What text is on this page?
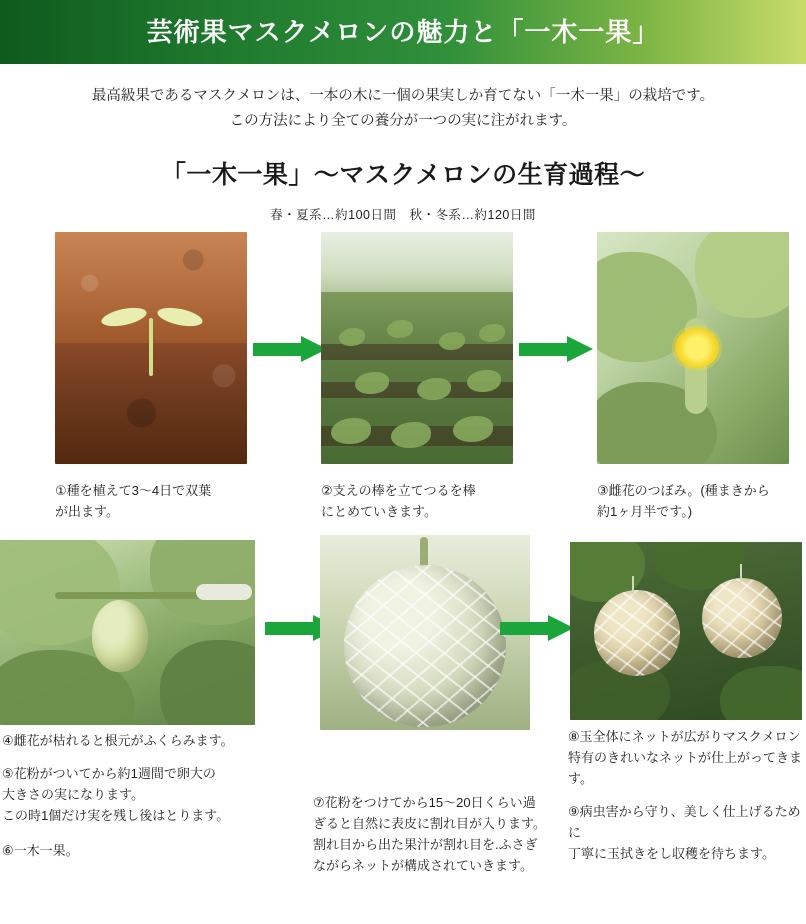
芸術果マスクメロンの魅力と「一木一果」
最高級果であるマスクメロンは、一本の木に一個の果実しか育てない「一木一果」の栽培です。
この方法により全ての養分が一つの実に注がれます。
「一木一果」〜マスクメロンの生育過程〜
春・夏系…約100日間　秋・冬系…約120日間
①種を植えて3〜4日で双葉
が出ます。
②支えの棒を立てつるを棒
にとめていきます。
③雌花のつぼみ。(種まきから
約1ヶ月半です。)
④雌花が枯れると根元がふくらみます。
⑤花粉がついてから約1週間で卵大の
大きさの実になります。
この時1個だけ実を残し後はとります。
⑥一木一果。
⑦花粉をつけてから15〜20日くらい過
ぎると自然に表皮に割れ目が入ります。
割れ目から出た果汁が割れ目を.ふさぎ
ながらネットが構成されていきます。
⑧玉全体にネットが広がりマスクメロン
特有のきれいなネットが仕上がってきま
す。
⑨病虫害から守り、美しく仕上げるために
丁寧に玉拭きをし収穫を待ちます。
